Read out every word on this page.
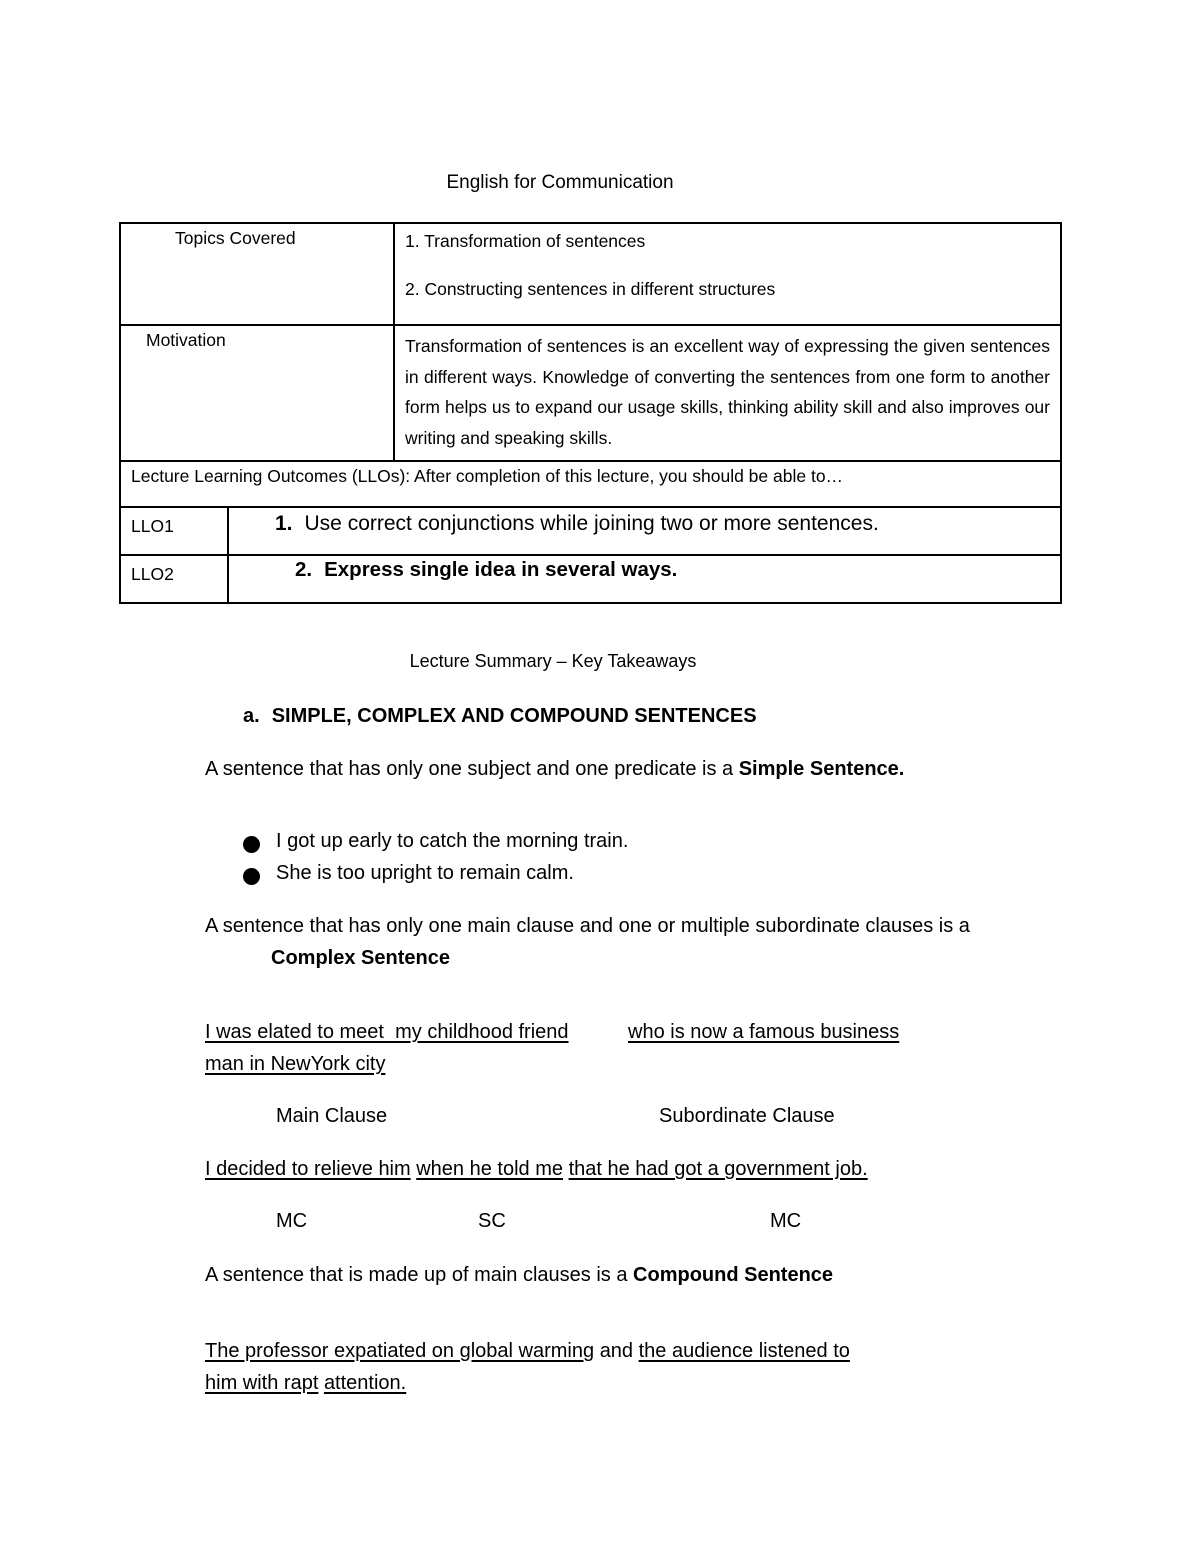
English for Communication
Topics Covered		1. Transformation of sentences

2. Constructing sentences in different structures

Motivation		Transformation of sentences is an excellent way of expressing the given sentences in different ways. Knowledge of converting the sentences from one form to another form helps us to expand our usage skills, thinking ability skill and also improves our writing and speaking skills.
Lecture Learning Outcomes (LLOs): After completion of this lecture, you should be able to…		
LLO1	1. Use correct conjunctions while joining two or more sentences.	
LLO2	2. Express single idea in several ways.	
Lecture Summary – Key Takeaways
a. SIMPLE, COMPLEX AND COMPOUND SENTENCES
A sentence that has only one subject and one predicate is a Simple Sentence.
I got up early to catch the morning train.
She is too upright to remain calm.
A sentence that has only one main clause and one or multiple subordinate clauses is a
Complex Sentence
I was elated to meet  my childhood friend	who is now a famous business
man in NewYork city
Main Clause	Subordinate Clause
I decided to relieve him when he told me that he had got a government job.
MC	SC	MC
A sentence that is made up of main clauses is a Compound Sentence
The professor expatiated on global warming and the audience listened to
him with rapt attention.
